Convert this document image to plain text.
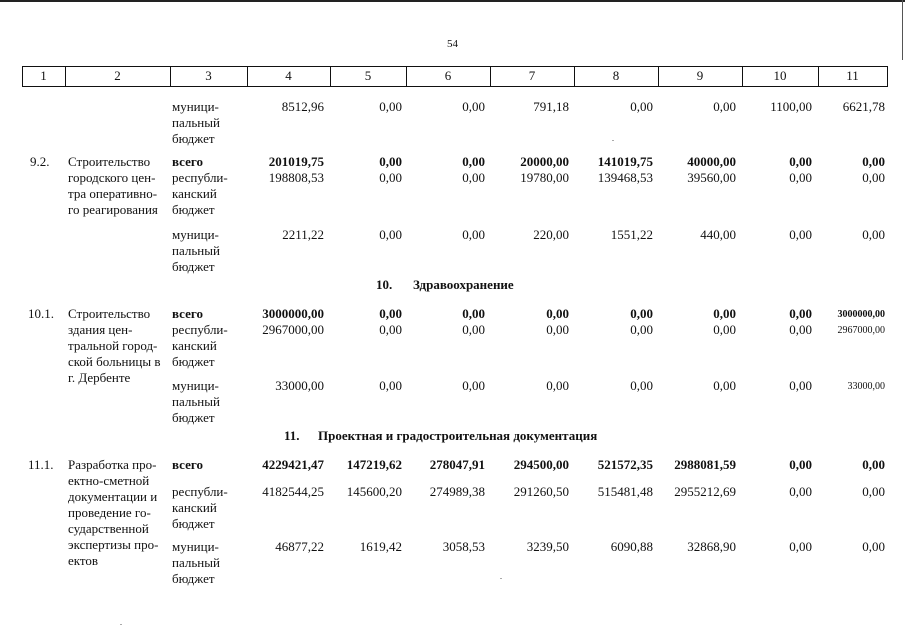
54
1	2	3	4	5	6	7	8	9	10	11
муници-
пальный
бюджет
8512,96	0,00	0,00	791,18	0,00	0,00	1100,00 6621,78
9.2. Строительство
городского цен-
тра оперативно-
го реагирования
всего	201019,75	0,00	0,00	20000,00 141019,75	40000,00	0,00	0,00
республи-
канский
бюджет
198808,53	0,00	0,00	19780,00 139468,53	39560,00	0,00	0,00
муници-
пальный
бюджет
2211,22	0,00	0,00	220,00	1551,22	440,00	0,00	0,00
10. Здравоохранение
10.1. Строительство
здания цен-
тральной город-
ской больницы в
г. Дербенте
всего	3000000,00	0,00	0,00	0,00	0,00	0,00	0,00	3000000,00
республи-
канский
бюджет
2967000,00	0,00	0,00	0,00	0,00	0,00	0,00	2967000,00
муници-
пальный
бюджет
33000,00	0,00	0,00	0,00	0,00	0,00	0,00	33000,00
11. Проектная и градостроительная документация
11.1. Разработка про-
ектно-сметной
документации и
проведение го-
сударственной
экспертизы про-
ектов
всего	4229421,47 147219,62 278047,91 294500,00 521572,35 2988081,59	0,00	0,00
республи-
канский
бюджет
4182544,25 145600,20 274989,38 291260,50 515481,48 2955212,69	0,00	0,00
муници-
пальный
бюджет
46877,22	1619,42	3058,53	3239,50	6090,88	32868,90	0,00	0,00
